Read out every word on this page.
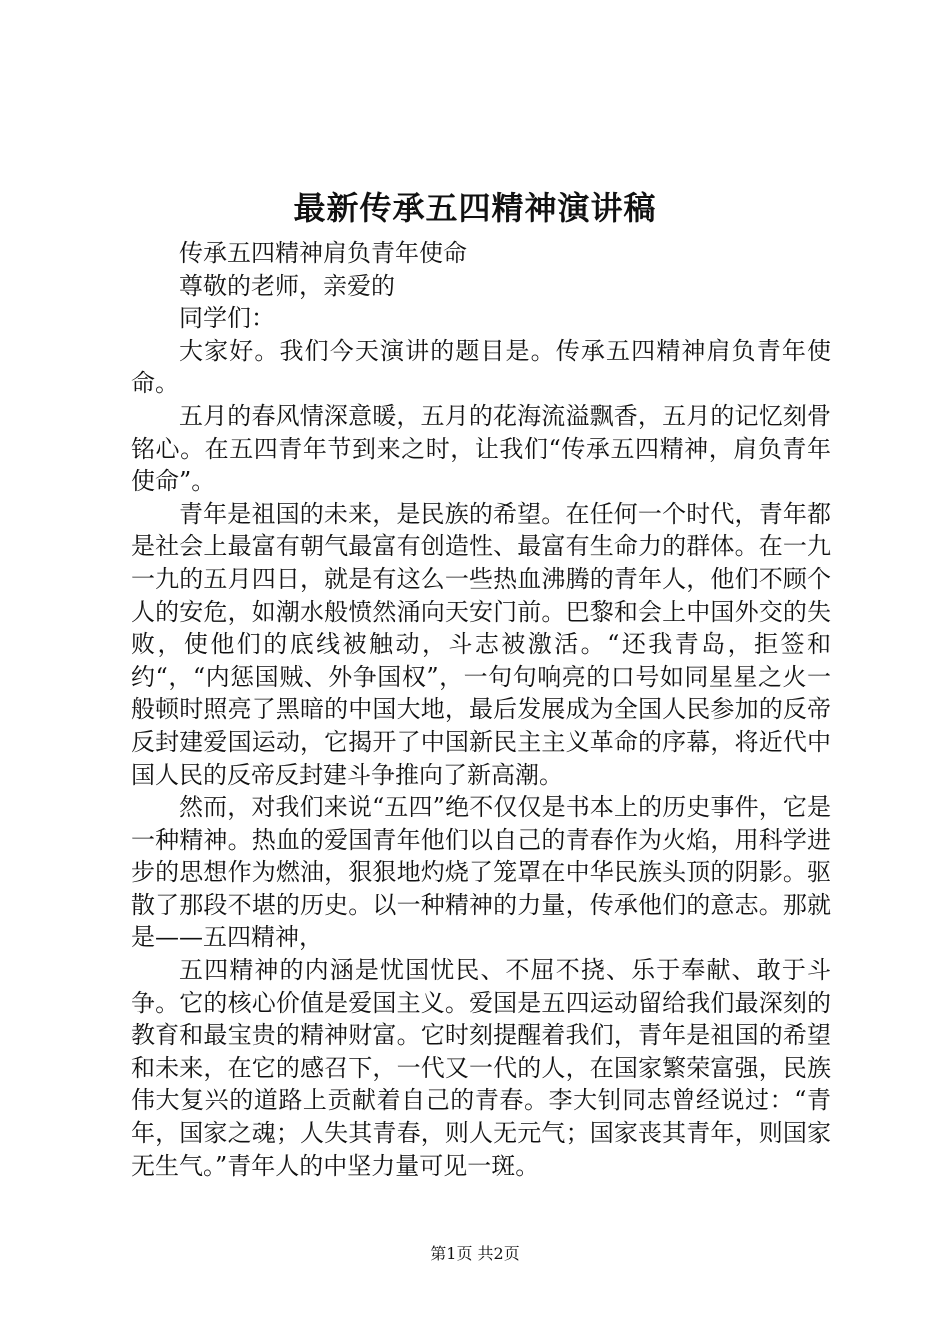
最新传承五四精神演讲稿

传承五四精神肩负青年使命

尊敬的老师，亲爱的

同学们：

大家好。我们今天演讲的题目是。传承五四精神肩负青年使命。

五月的春风情深意暖，五月的花海流溢飘香，五月的记忆刻骨铭心。在五四青年节到来之时，让我们“传承五四精神，肩负青年使命”。

青年是祖国的未来，是民族的希望。在任何一个时代，青年都是社会上最富有朝气最富有创造性、最富有生命力的群体。在一九一九的五月四日，就是有这么一些热血沸腾的青年人，他们不顾个人的安危，如潮水般愤然涌向天安门前。巴黎和会上中国外交的失败，使他们的底线被触动，斗志被激活。“还我青岛，拒签和约“，“内惩国贼、外争国权”，一句句响亮的口号如同星星之火一般顿时照亮了黑暗的中国大地，最后发展成为全国人民参加的反帝反封建爱国运动，它揭开了中国新民主主义革命的序幕，将近代中国人民的反帝反封建斗争推向了新高潮。

然而，对我们来说“五四”绝不仅仅是书本上的历史事件，它是一种精神。热血的爱国青年他们以自己的青春作为火焰，用科学进步的思想作为燃油，狠狠地灼烧了笼罩在中华民族头顶的阴影。驱散了那段不堪的历史。以一种精神的力量，传承他们的意志。那就是——五四精神，

五四精神的内涵是忧国忧民、不屈不挠、乐于奉献、敢于斗争。它的核心价值是爱国主义。爱国是五四运动留给我们最深刻的教育和最宝贵的精神财富。它时刻提醒着我们，青年是祖国的希望和未来，在它的感召下，一代又一代的人，在国家繁荣富强，民族伟大复兴的道路上贡献着自己的青春。李大钊同志曾经说过：“青年，国家之魂；人失其青春，则人无元气；国家丧其青年，则国家无生气。”青年人的中坚力量可见一斑。

第1页 共2页
